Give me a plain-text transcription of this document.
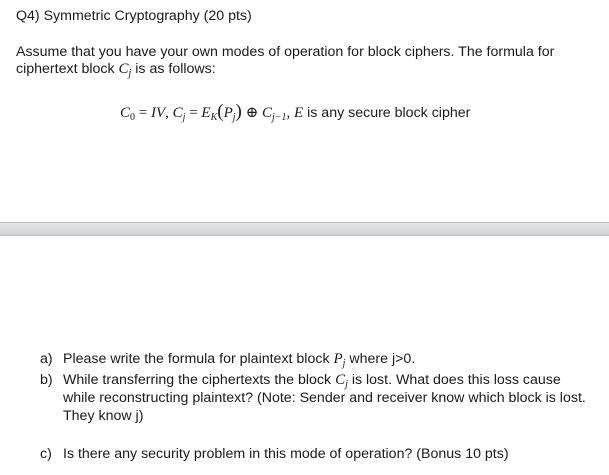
Q4) Symmetric Cryptography (20 pts)
Assume that you have your own modes of operation for block ciphers. The formula for
ciphertext block $C_j$ is as follows:
$C_0$ = IV, $C_j = E_K(P_j)$ ⊕ $C_{j-1}$, E is any secure block cipher
a) Please write the formula for plaintext block $P_j$ where j>0.
b) While transferring the ciphertexts the block $C_j$ is lost. What does this loss cause
while reconstructing plaintext? (Note: Sender and receiver know which block is lost.
They know j)
c) Is there any security problem in this mode of operation? (Bonus 10 pts)
